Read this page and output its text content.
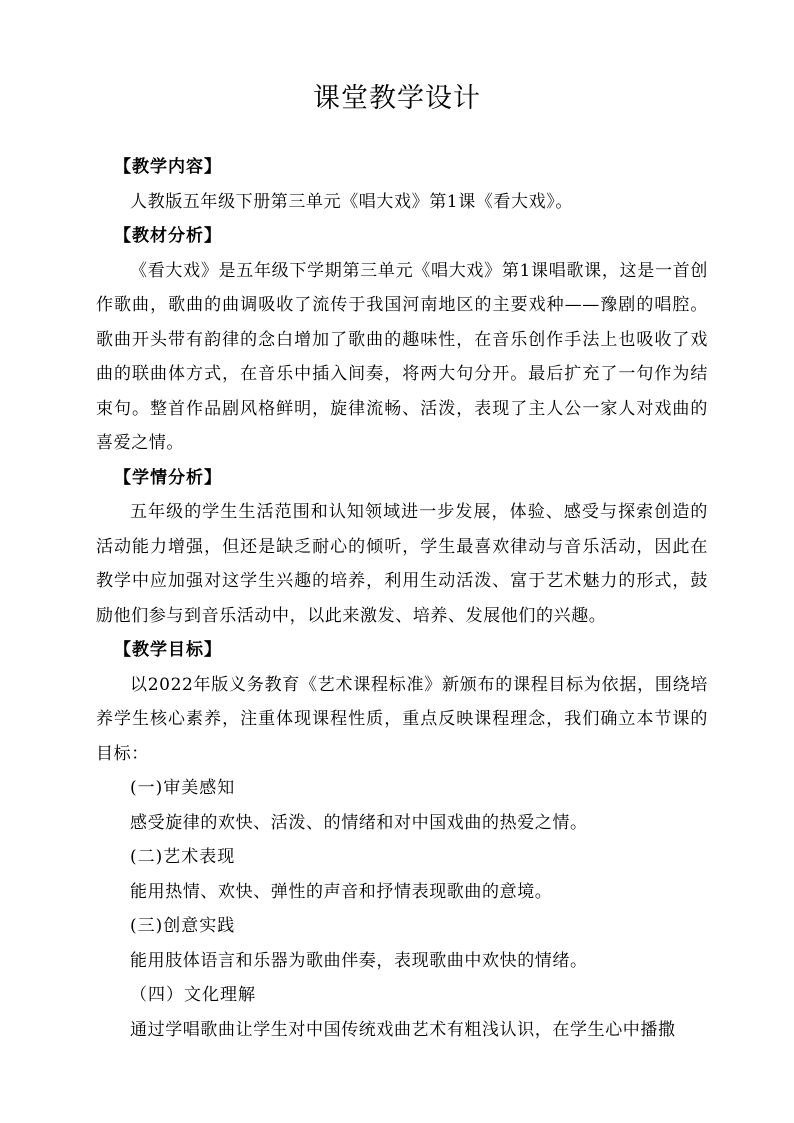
课堂教学设计
【教学内容】
人教版五年级下册第三单元《唱大戏》第1课《看大戏》。
【教材分析】
《看大戏》是五年级下学期第三单元《唱大戏》第1课唱歌课，这是一首创作歌曲，歌曲的曲调吸收了流传于我国河南地区的主要戏种——豫剧的唱腔。歌曲开头带有韵律的念白增加了歌曲的趣味性，在音乐创作手法上也吸收了戏曲的联曲体方式，在音乐中插入间奏，将两大句分开。最后扩充了一句作为结束句。整首作品剧风格鲜明，旋律流畅、活泼，表现了主人公一家人对戏曲的喜爱之情。
【学情分析】
五年级的学生生活范围和认知领域进一步发展，体验、感受与探索创造的活动能力增强，但还是缺乏耐心的倾听，学生最喜欢律动与音乐活动，因此在教学中应加强对这学生兴趣的培养，利用生动活泼、富于艺术魅力的形式，鼓励他们参与到音乐活动中，以此来激发、培养、发展他们的兴趣。
【教学目标】
以2022年版义务教育《艺术课程标准》新颁布的课程目标为依据，围绕培养学生核心素养，注重体现课程性质，重点反映课程理念，我们确立本节课的目标：
(一)审美感知
感受旋律的欢快、活泼、的情绪和对中国戏曲的热爱之情。
(二)艺术表现
能用热情、欢快、弹性的声音和抒情表现歌曲的意境。
(三)创意实践
能用肢体语言和乐器为歌曲伴奏，表现歌曲中欢快的情绪。
（四）文化理解
通过学唱歌曲让学生对中国传统戏曲艺术有粗浅认识，在学生心中播撒
